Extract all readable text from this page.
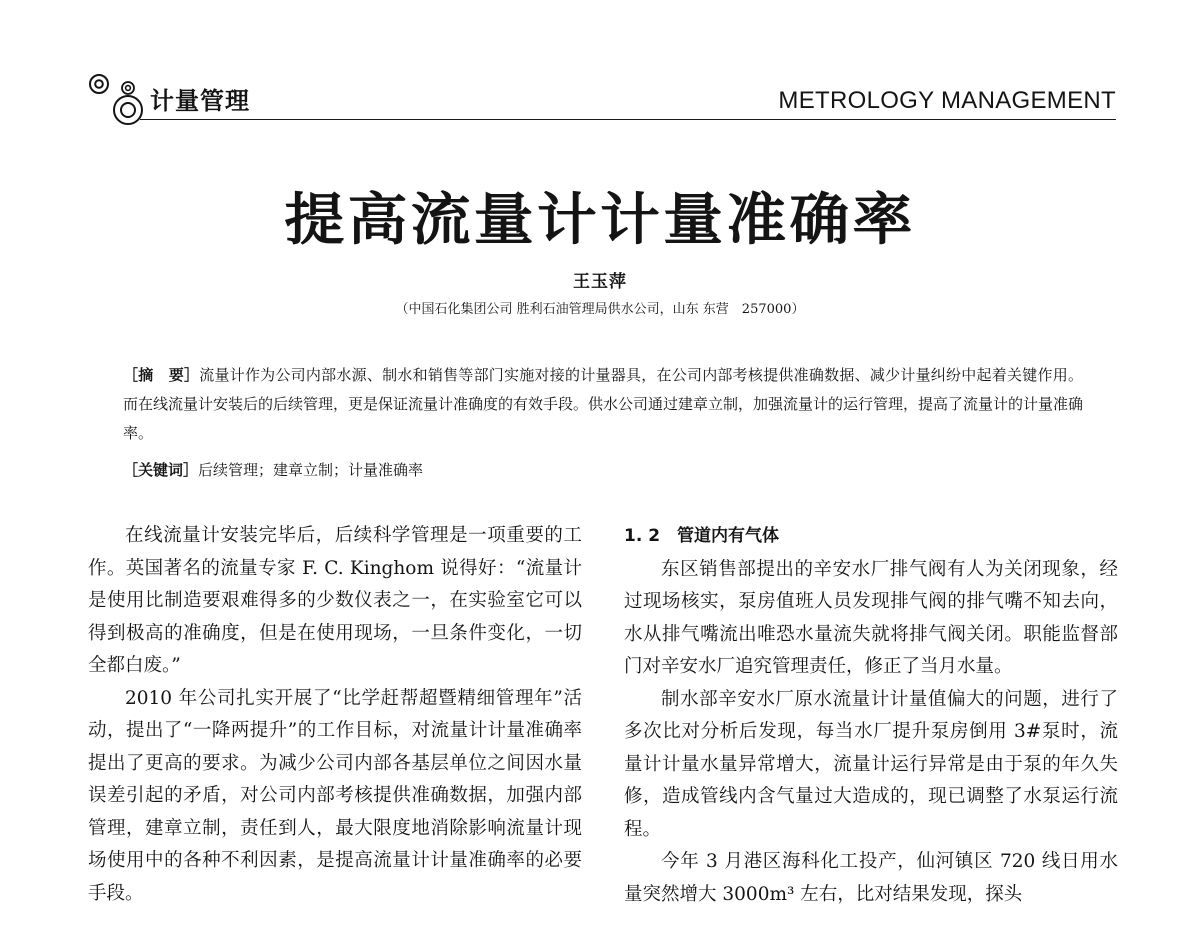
计量管理	METROLOGY MANAGEMENT
提高流量计计量准确率
王玉萍
（中国石化集团公司 胜利石油管理局供水公司，山东 东营　257000）

［摘　要］流量计作为公司内部水源、制水和销售等部门实施对接的计量器具，在公司内部考核提供准确数据、减少计量纠纷中起着关键作用。而在线流量计安装后的后续管理，更是保证流量计准确度的有效手段。供水公司通过建章立制，加强流量计的运行管理，提高了流量计的计量准确率。

［关键词］后续管理；建章立制；计量准确率

在线流量计安装完毕后，后续科学管理是一项重要的工作。英国著名的流量专家 F. C. Kinghom 说得好：“流量计是使用比制造要艰难得多的少数仪表之一，在实验室它可以得到极高的准确度，但是在使用现场，一旦条件变化，一切全都白废。”

2010 年公司扎实开展了“比学赶帮超暨精细管理年”活动，提出了“一降两提升”的工作目标，对流量计计量准确率提出了更高的要求。为减少公司内部各基层单位之间因水量误差引起的矛盾，对公司内部考核提供准确数据，加强内部管理，建章立制，责任到人，最大限度地消除影响流量计现场使用中的各种不利因素，是提高流量计计量准确率的必要手段。

1. 2　管道内有气体

东区销售部提出的辛安水厂排气阀有人为关闭现象，经过现场核实，泵房值班人员发现排气阀的排气嘴不知去向，水从排气嘴流出唯恐水量流失就将排气阀关闭。职能监督部门对辛安水厂追究管理责任，修正了当月水量。

制水部辛安水厂原水流量计计量值偏大的问题，进行了多次比对分析后发现，每当水厂提升泵房倒用 3#泵时，流量计计量水量异常增大，流量计运行异常是由于泵的年久失修，造成管线内含气量过大造成的，现已调整了水泵运行流程。

今年 3 月港区海科化工投产，仙河镇区 720 线日用水量突然增大 3000m³ 左右，比对结果发现，探头
